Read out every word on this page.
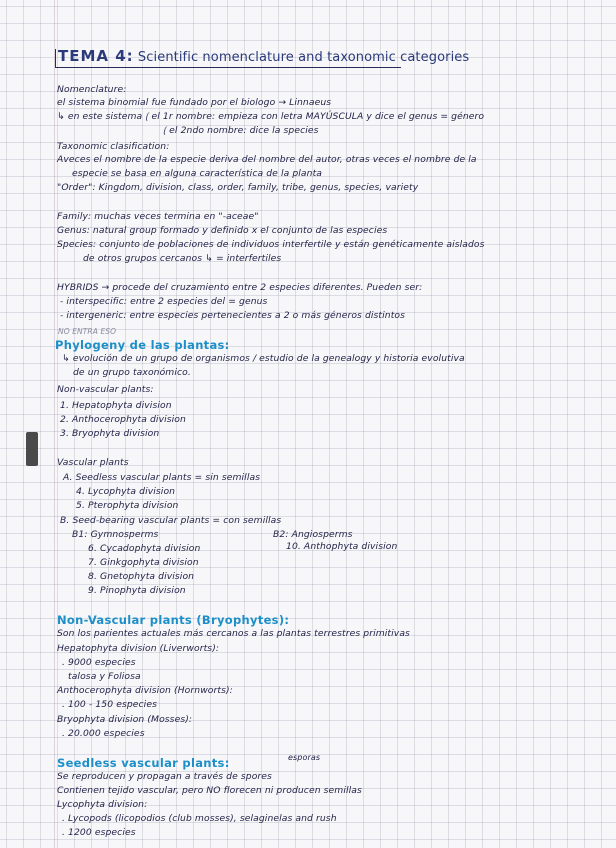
TEMA 4: Scientific nomenclature and taxonomic categories
Nomenclature:
el sistema binomial fue fundado por el biologo → Linnaeus
↳ en este sistema ⟮ el 1r nombre: empieza con letra MAYÚSCULA y dice el genus = género
⟮ el 2ndo nombre: dice la species
Taxonomic clasification:
Aveces el nombre de la especie deriva del nombre del autor, otras veces el nombre de la
especie se basa en alguna característica de la planta
"Order": Kingdom, division, class, order, family, tribe, genus, species, variety
Family: muchas veces termina en "-aceae"
Genus: natural group formado y definido x el conjunto de las especies
Species: conjunto de poblaciones de individuos interfertile y están genéticamente aislados
de otros grupos cercanos ↳ = interfertiles
HYBRIDS → procede del cruzamiento entre 2 especies diferentes. Pueden ser:
- interspecific: entre 2 especies del = genus
- intergeneric: entre especies pertenecientes a 2 o más géneros distintos
NO ENTRA ESO
Phylogeny de las plantas:
↳ evolución de un grupo de organismos / estudio de la genealogy y historia evolutiva
de un grupo taxonómico.
Non-vascular plants:
1. Hepatophyta division
2. Anthocerophyta division
3. Bryophyta division
Vascular plants
A. Seedless vascular plants = sin semillas
4. Lycophyta division
5. Pterophyta division
B. Seed-bearing vascular plants = con semillas
B1: Gymnosperms	B2: Angiosperms
6. Cycadophyta division	10. Anthophyta division
7. Ginkgophyta division
8. Gnetophyta division
9. Pinophyta division
Non-Vascular plants (Bryophytes):
Son los parientes actuales más cercanos a las plantas terrestres primitivas
Hepatophyta division (Liverworts):
. 9000 especies
talosa y Foliosa
Anthocerophyta division (Hornworts):
. 100 - 150 especies
Bryophyta division (Mosses):
. 20.000 especies
esporas
Seedless vascular plants:
Se reproducen y propagan a través de spores
Contienen tejido vascular, pero NO florecen ni producen semillas
Lycophyta division:
. Lycopods (licopodios (club mosses), selaginelas and rush
. 1200 especies
